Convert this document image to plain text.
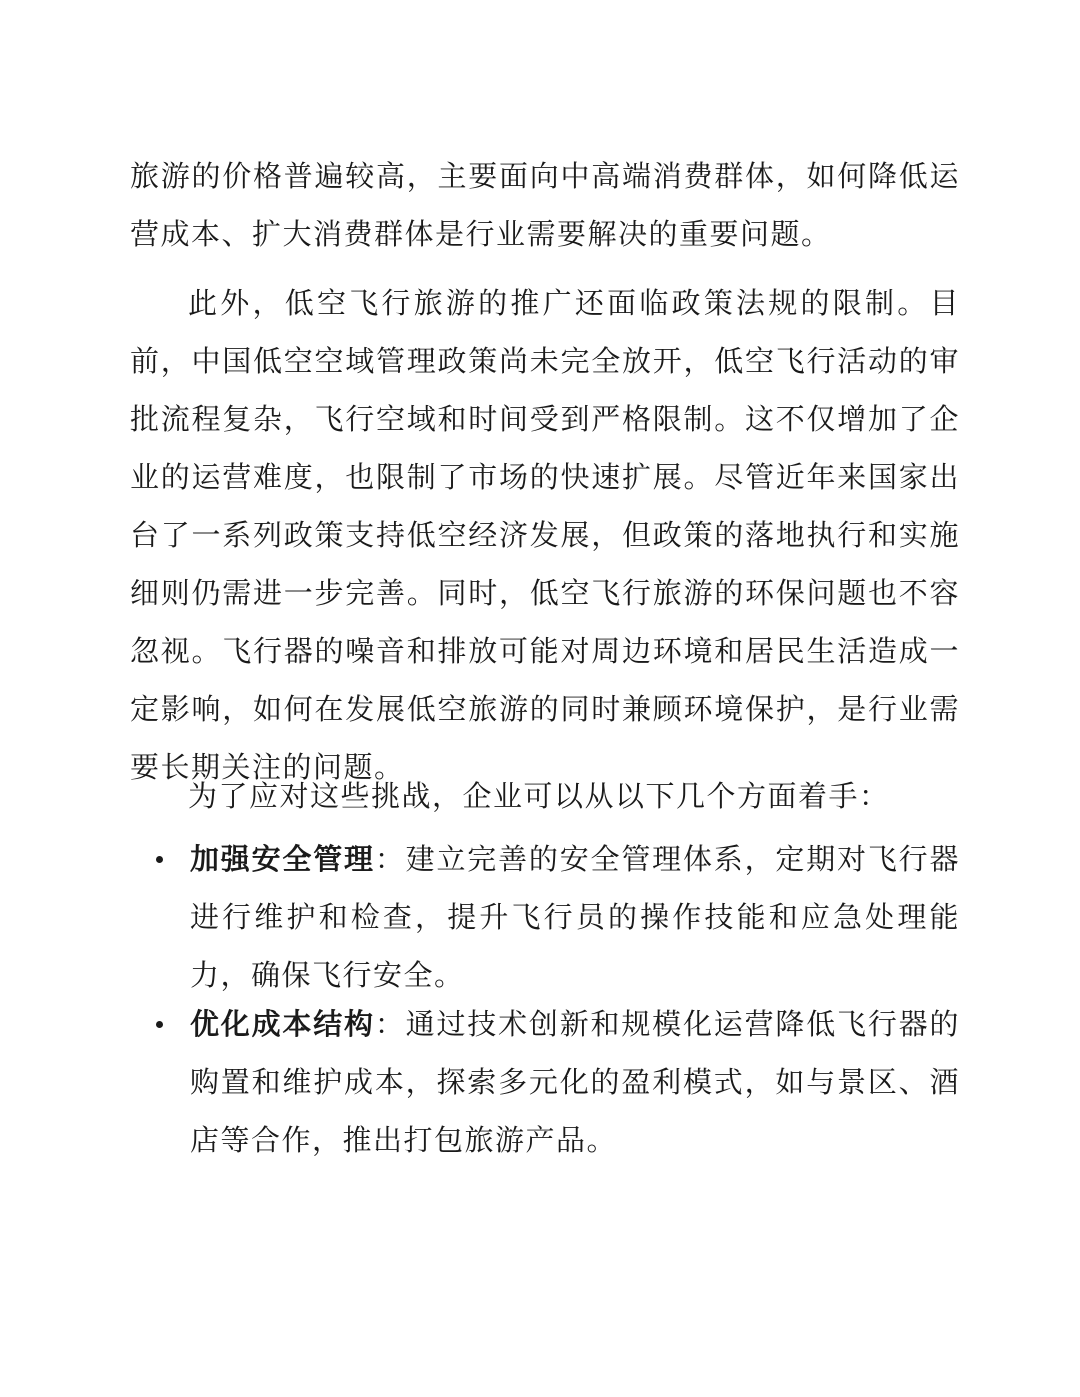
旅游的价格普遍较高，主要面向中高端消费群体，如何降低运营成本、扩大消费群体是行业需要解决的重要问题。

此外，低空飞行旅游的推广还面临政策法规的限制。目前，中国低空空域管理政策尚未完全放开，低空飞行活动的审批流程复杂，飞行空域和时间受到严格限制。这不仅增加了企业的运营难度，也限制了市场的快速扩展。尽管近年来国家出台了一系列政策支持低空经济发展，但政策的落地执行和实施细则仍需进一步完善。同时，低空飞行旅游的环保问题也不容忽视。飞行器的噪音和排放可能对周边环境和居民生活造成一定影响，如何在发展低空旅游的同时兼顾环境保护，是行业需要长期关注的问题。

为了应对这些挑战，企业可以从以下几个方面着手：

加强安全管理：建立完善的安全管理体系，定期对飞行器进行维护和检查，提升飞行员的操作技能和应急处理能力，确保飞行安全。

优化成本结构：通过技术创新和规模化运营降低飞行器的购置和维护成本，探索多元化的盈利模式，如与景区、酒店等合作，推出打包旅游产品。
